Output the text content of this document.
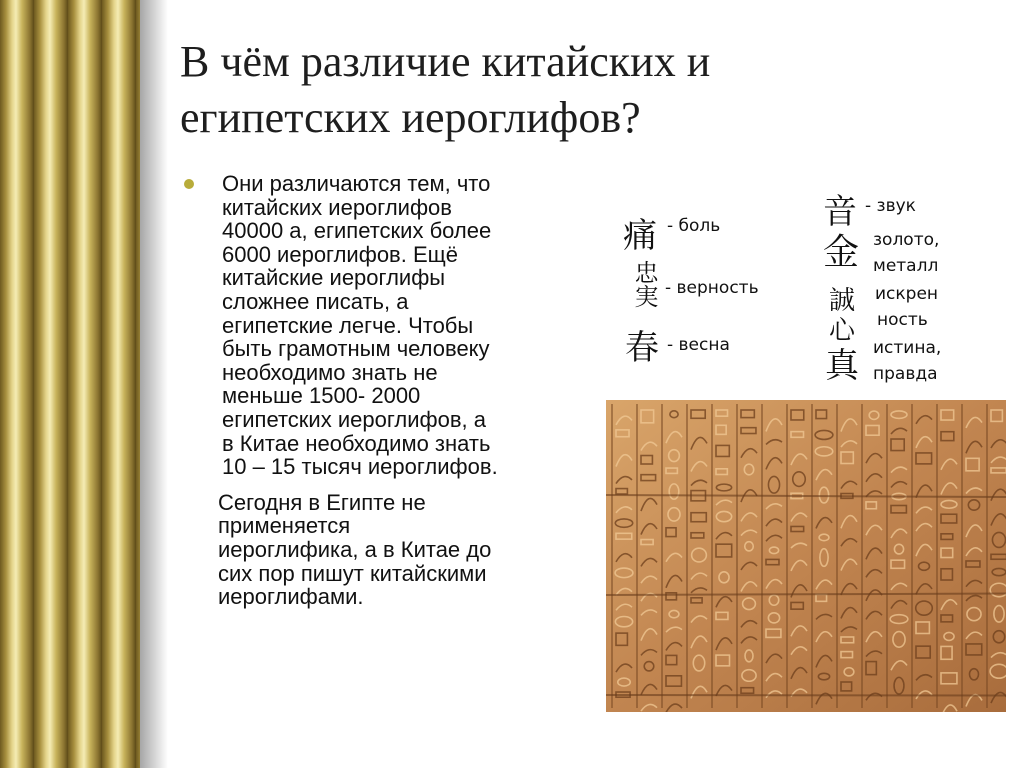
В чём различие китайских и
египетских иероглифов?
Они различаются тем, что
китайских иероглифов
40000 а, египетских более
6000 иероглифов. Ещё
китайские иероглифы
сложнее писать, а
египетские легче. Чтобы
быть грамотным человеку
необходимо знать не
меньше 1500- 2000
египетских иероглифов, а
в Китае необходимо знать
10 – 15 тысяч иероглифов.
Сегодня в Египте не
применяется
иероглифика, а в Китае до
сих пор пишут китайскими
иероглифами.
痛 - боль
忠実 - верность
春 - весна
音 - звук
金 золото,
металл
誠
心
искрен
ность
真 истина,
правда
